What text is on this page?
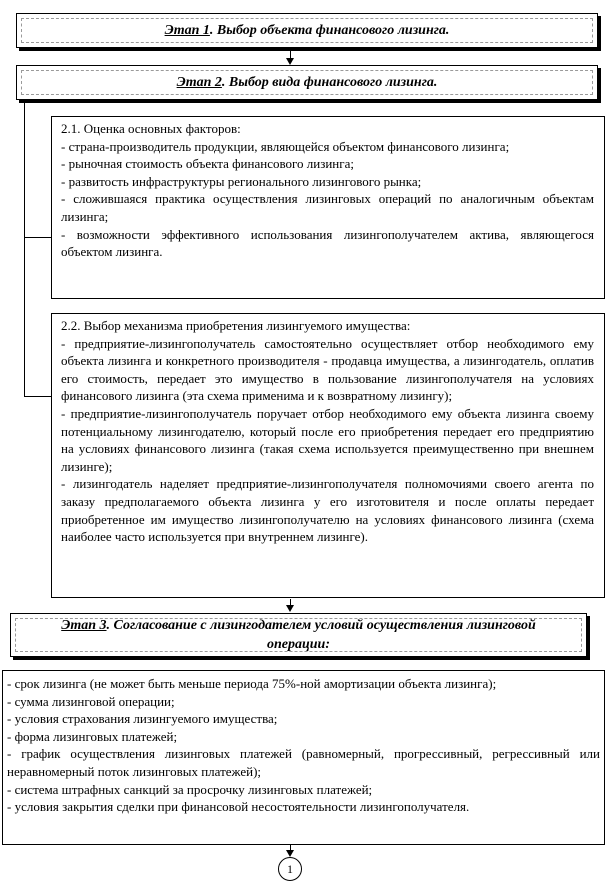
Этап 1. Выбор объекта финансового лизинга.
Этап 2. Выбор вида финансового лизинга.

2.1. Оценка основных факторов:

- страна-производитель продукции, являющейся объектом финансового лизинга;

- рыночная стоимость объекта финансового лизинга;

- развитость инфраструктуры регионального лизингового рынка;

- сложившаяся практика осуществления лизинговых операций по аналогичным объектам лизинга;

- возможности эффективного использования лизингополучателем актива, являющегося объектом лизинга.

2.2. Выбор механизма приобретения лизингуемого имущества:

- предприятие-лизингополучатель самостоятельно осуществляет отбор необходимого ему объекта лизинга и конкретного производителя - продавца имущества, а лизингодатель, оплатив его стоимость, передает это имущество в пользование лизингополучателя на условиях финансового лизинга (эта схема применима и к возвратному лизингу);

- предприятие-лизингополучатель поручает отбор необходимого ему объекта лизинга своему потенциальному лизингодателю, который после его приобретения передает его предприятию на условиях финансового лизинга (такая схема используется преимущественно при внешнем лизинге);

- лизингодатель наделяет предприятие-лизингополучателя полномочиями своего агента по заказу предполагаемого объекта лизинга у его изготовителя и после оплаты передает приобретенное им имущество лизингополучателю на условиях финансового лизинга (схема наиболее часто используется при внутреннем лизинге).

Этап 3. Согласование с лизингодателем условий осуществления лизинговой операции:

- срок лизинга (не может быть меньше периода 75%-ной амортизации объекта лизинга);

- сумма лизинговой операции;

- условия страхования лизингуемого имущества;

- форма лизинговых платежей;

- график осуществления лизинговых платежей (равномерный, прогрессивный, регрессивный или неравномерный поток лизинговых платежей);

- система штрафных санкций за просрочку лизинговых платежей;

- условия закрытия сделки при финансовой несостоятельности лизингополучателя.

1
